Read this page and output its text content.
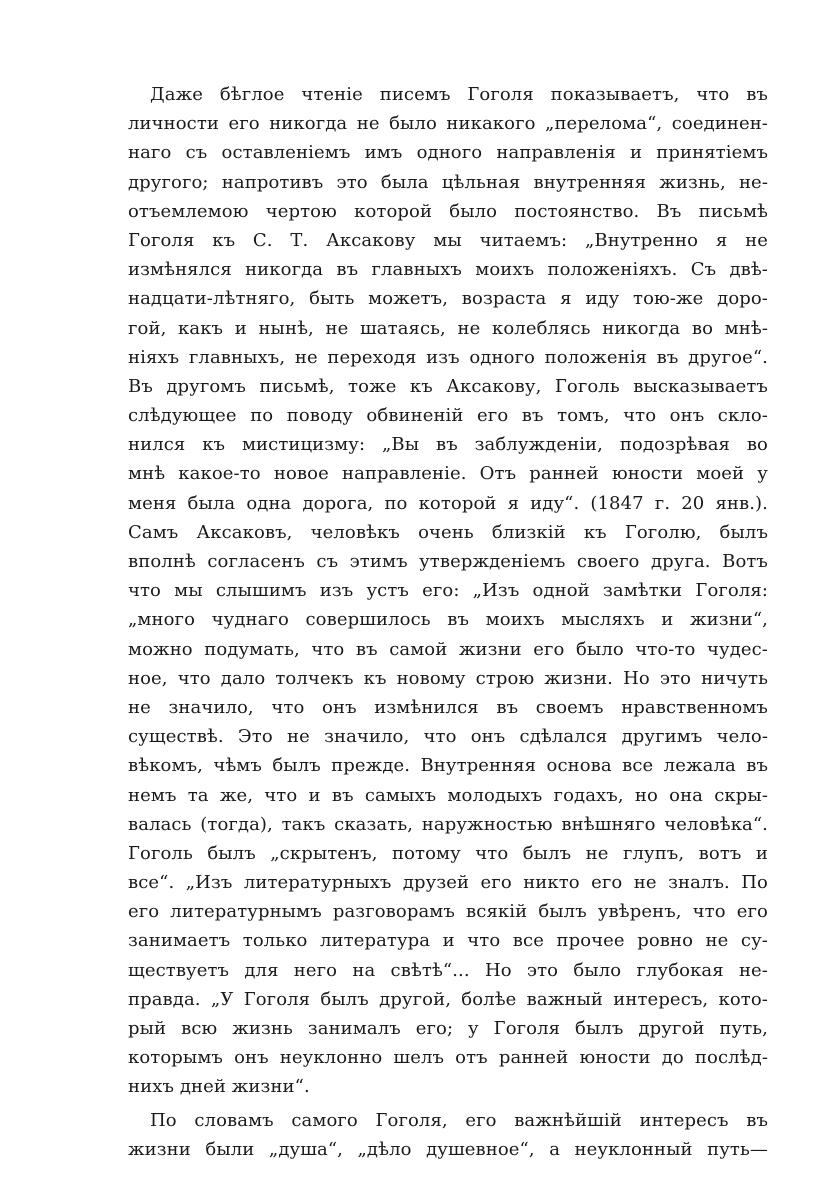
Даже бѣглое чтеніе писемъ Гоголя показываетъ, что въ
личности его никогда не было никакого „перелома“, соединен-
наго съ оставленіемъ имъ одного направленія и принятіемъ
другого; напротивъ это была цѣльная внутренняя жизнь, не-
отъемлемою чертою которой было постоянство. Въ письмѣ
Гоголя къ С. Т. Аксакову мы читаемъ: „Внутренно я не
измѣнялся никогда въ главныхъ моихъ положеніяхъ. Съ двѣ-
надцати-лѣтняго, быть можетъ, возраста я иду тою-же доро-
гой, какъ и нынѣ, не шатаясь, не колеблясь никогда во мнѣ-
ніяхъ главныхъ, не переходя изъ одного положенія въ другое“.
Въ другомъ письмѣ, тоже къ Аксакову, Гоголь высказываетъ
слѣдующее по поводу обвиненій его въ томъ, что онъ скло-
нился къ мистицизму: „Вы въ заблужденіи, подозрѣвая во
мнѣ какое-то новое направленіе. Отъ ранней юности моей у
меня была одна дорога, по которой я иду“. (1847 г. 20 янв.).
Самъ Аксаковъ, человѣкъ очень близкій къ Гоголю, былъ
вполнѣ согласенъ съ этимъ утвержденіемъ своего друга. Вотъ
что мы слышимъ изъ устъ его: „Изъ одной замѣтки Гоголя:
„много чуднаго совершилось въ моихъ мысляхъ и жизни“,
можно подумать, что въ самой жизни его было что-то чудес-
ное, что дало толчекъ къ новому строю жизни. Но это ничуть
не значило, что онъ измѣнился въ своемъ нравственномъ
существѣ. Это не значило, что онъ сдѣлался другимъ чело-
вѣкомъ, чѣмъ былъ прежде. Внутренняя основа все лежала въ
немъ та же, что и въ самыхъ молодыхъ годахъ, но она скры-
валась (тогда), такъ сказать, наружностью внѣшняго человѣка“.
Гоголь былъ „скрытенъ, потому что былъ не глупъ, вотъ и
все“. „Изъ литературныхъ друзей его никто его не зналъ. По
его литературнымъ разговорамъ всякій былъ увѣренъ, что его
занимаетъ только литература и что все прочее ровно не су-
ществуетъ для него на свѣтѣ“... Но это было глубокая не-
правда. „У Гоголя былъ другой, болѣе важный интересъ, кото-
рый всю жизнь занималъ его; у Гоголя былъ другой путь,
которымъ онъ неуклонно шелъ отъ ранней юности до послѣд-
нихъ дней жизни“.
По словамъ самого Гоголя, его важнѣйшій интересъ въ
жизни были „душа“, „дѣло душевное“, а неуклонный путь—
